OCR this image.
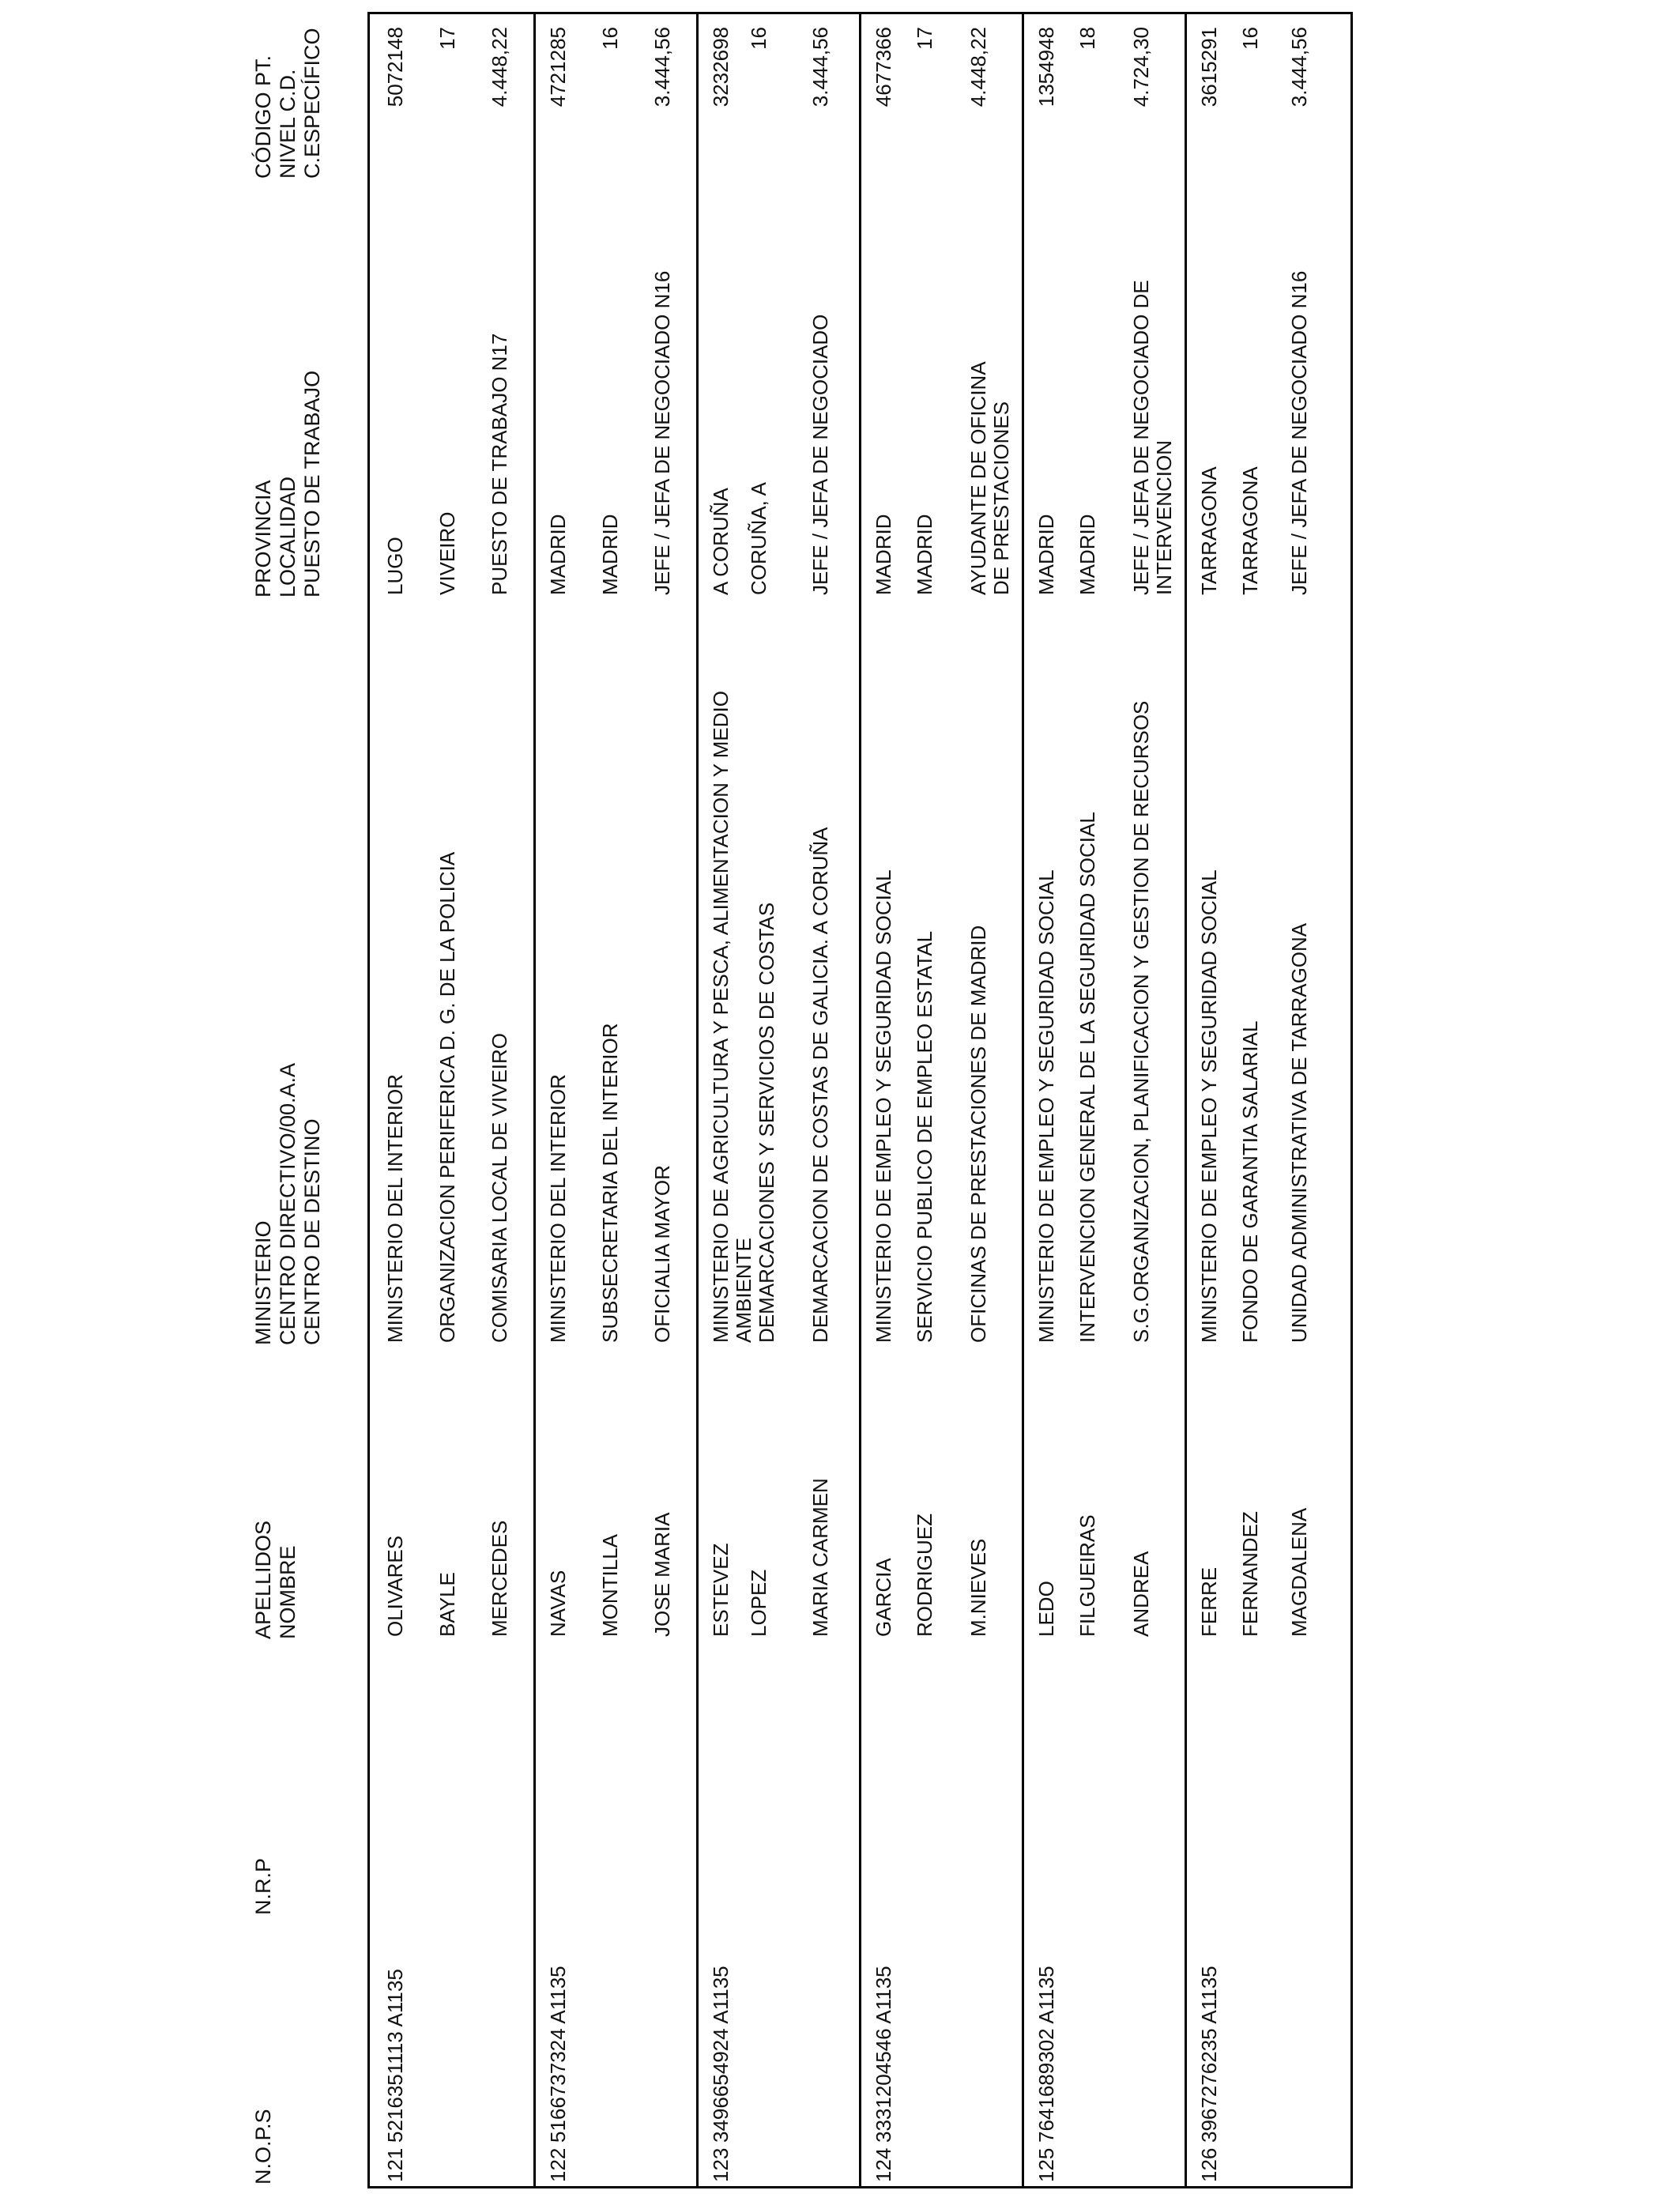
N.O.P.S
N.R.P
APELLIDOS NOMBRE
MINISTERIO CENTRO DIRECTIVO/00.A.A CENTRO DE DESTINO
PROVINCIA LOCALIDAD PUESTO DE TRABAJO
CÓDIGO PT. NIVEL C.D. C.ESPECÍFICO
121
5216351113 A1135
OLIVARES BAYLE MERCEDES
MINISTERIO DEL INTERIOR ORGANIZACION PERIFERICA D. G. DE LA POLICIA COMISARIA LOCAL DE VIVEIRO
LUGO VIVEIRO PUESTO DE TRABAJO N17
5072148 17 4.448,22
122
5166737324 A1135
NAVAS MONTILLA JOSE MARIA
MINISTERIO DEL INTERIOR SUBSECRETARIA DEL INTERIOR OFICIALIA MAYOR
MADRID MADRID JEFE / JEFA DE NEGOCIADO N16
4721285 16 3.444,56
123
3496654924 A1135
ESTEVEZ LOPEZ MARIA CARMEN
MINISTERIO DE AGRICULTURA Y PESCA, ALIMENTACION Y MEDIO AMBIENTE DEMARCACIONES Y SERVICIOS DE COSTAS DEMARCACION DE COSTAS DE GALICIA. A CORUÑA
A CORUÑA CORUÑA, A JEFE / JEFA DE NEGOCIADO
3232698 16 3.444,56
124
3331204546 A1135
GARCIA RODRIGUEZ M.NIEVES
MINISTERIO DE EMPLEO Y SEGURIDAD SOCIAL SERVICIO PUBLICO DE EMPLEO ESTATAL OFICINAS DE PRESTACIONES DE MADRID
MADRID MADRID AYUDANTE DE OFICINA DE PRESTACIONES
4677366 17 4.448,22
125
7641689302 A1135
LEDO FILGUEIRAS ANDREA
MINISTERIO DE EMPLEO Y SEGURIDAD SOCIAL INTERVENCION GENERAL DE LA SEGURIDAD SOCIAL S.G.ORGANIZACION, PLANIFICACION Y GESTION DE RECURSOS
MADRID MADRID JEFE / JEFA DE NEGOCIADO DE INTERVENCION
1354948 18 4.724,30
126
3967276235 A1135
FERRE FERNANDEZ MAGDALENA
MINISTERIO DE EMPLEO Y SEGURIDAD SOCIAL FONDO DE GARANTIA SALARIAL UNIDAD ADMINISTRATIVA DE TARRAGONA
TARRAGONA TARRAGONA JEFE / JEFA DE NEGOCIADO N16
3615291 16 3.444,56
